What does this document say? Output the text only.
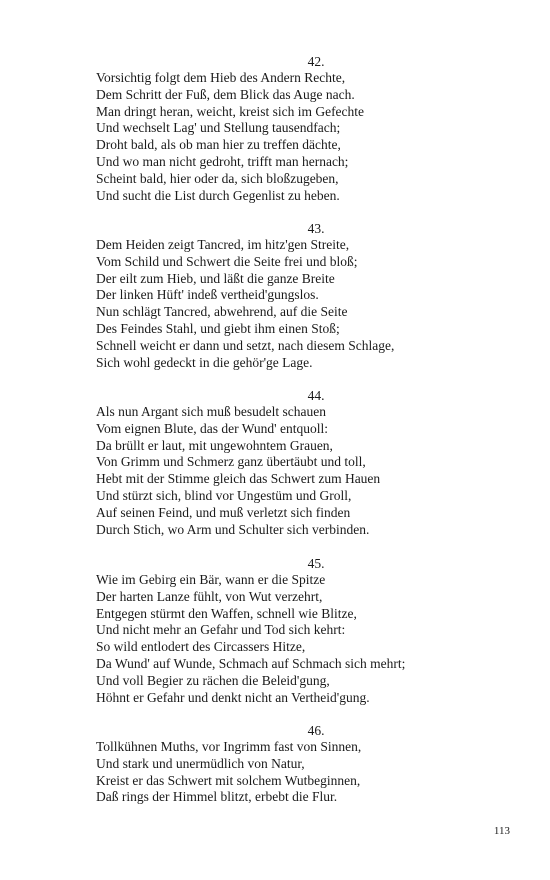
42.
Vorsichtig folgt dem Hieb des Andern Rechte,
Dem Schritt der Fuß, dem Blick das Auge nach.
Man dringt heran, weicht, kreist sich im Gefechte
Und wechselt Lag' und Stellung tausendfach;
Droht bald, als ob man hier zu treffen dächte,
Und wo man nicht gedroht, trifft man hernach;
Scheint bald, hier oder da, sich bloßzugeben,
Und sucht die List durch Gegenlist zu heben.
43.
Dem Heiden zeigt Tancred, im hitz'gen Streite,
Vom Schild und Schwert die Seite frei und bloß;
Der eilt zum Hieb, und läßt die ganze Breite
Der linken Hüft' indeß vertheid'gungslos.
Nun schlägt Tancred, abwehrend, auf die Seite
Des Feindes Stahl, und giebt ihm einen Stoß;
Schnell weicht er dann und setzt, nach diesem Schlage,
Sich wohl gedeckt in die gehör'ge Lage.
44.
Als nun Argant sich muß besudelt schauen
Vom eignen Blute, das der Wund' entquoll:
Da brüllt er laut, mit ungewohntem Grauen,
Von Grimm und Schmerz ganz übertäubt und toll,
Hebt mit der Stimme gleich das Schwert zum Hauen
Und stürzt sich, blind vor Ungestüm und Groll,
Auf seinen Feind, und muß verletzt sich finden
Durch Stich, wo Arm und Schulter sich verbinden.
45.
Wie im Gebirg ein Bär, wann er die Spitze
Der harten Lanze fühlt, von Wut verzehrt,
Entgegen stürmt den Waffen, schnell wie Blitze,
Und nicht mehr an Gefahr und Tod sich kehrt:
So wild entlodert des Circassers Hitze,
Da Wund' auf Wunde, Schmach auf Schmach sich mehrt;
Und voll Begier zu rächen die Beleid'gung,
Höhnt er Gefahr und denkt nicht an Vertheid'gung.
46.
Tollkühnen Muths, vor Ingrimm fast von Sinnen,
Und stark und unermüdlich von Natur,
Kreist er das Schwert mit solchem Wutbeginnen,
Daß rings der Himmel blitzt, erbebt die Flur.
113
